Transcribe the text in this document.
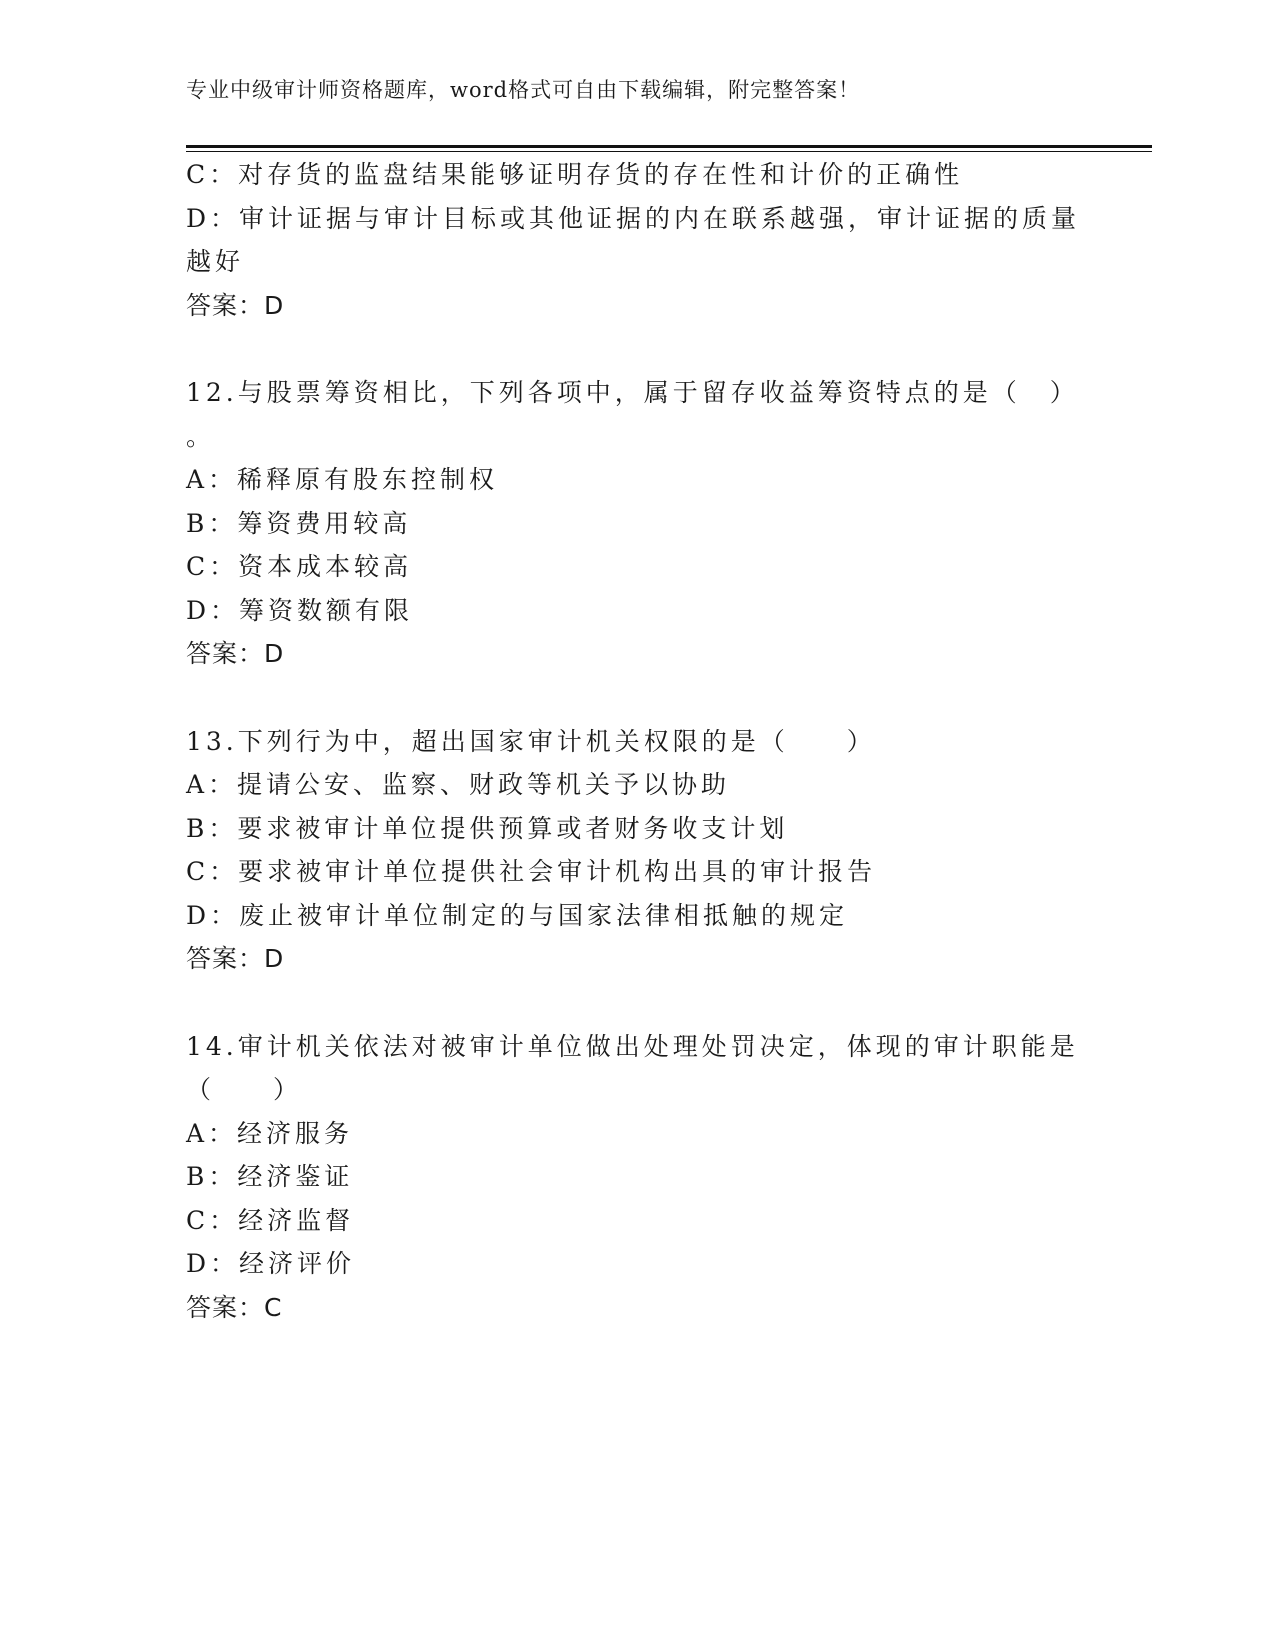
专业中级审计师资格题库，word格式可自由下载编辑，附完整答案！
C：对存货的监盘结果能够证明存货的存在性和计价的正确性
D：审计证据与审计目标或其他证据的内在联系越强，审计证据的质量
越好
答案：D
12.与股票筹资相比，下列各项中，属于留存收益筹资特点的是（　）
。
A：稀释原有股东控制权
B：筹资费用较高
C：资本成本较高
D：筹资数额有限
答案：D
13.下列行为中，超出国家审计机关权限的是（　　）
A：提请公安、监察、财政等机关予以协助
B：要求被审计单位提供预算或者财务收支计划
C：要求被审计单位提供社会审计机构出具的审计报告
D：废止被审计单位制定的与国家法律相抵触的规定
答案：D
14.审计机关依法对被审计单位做出处理处罚决定，体现的审计职能是
（　　）
A：经济服务
B：经济鉴证
C：经济监督
D：经济评价
答案：C
